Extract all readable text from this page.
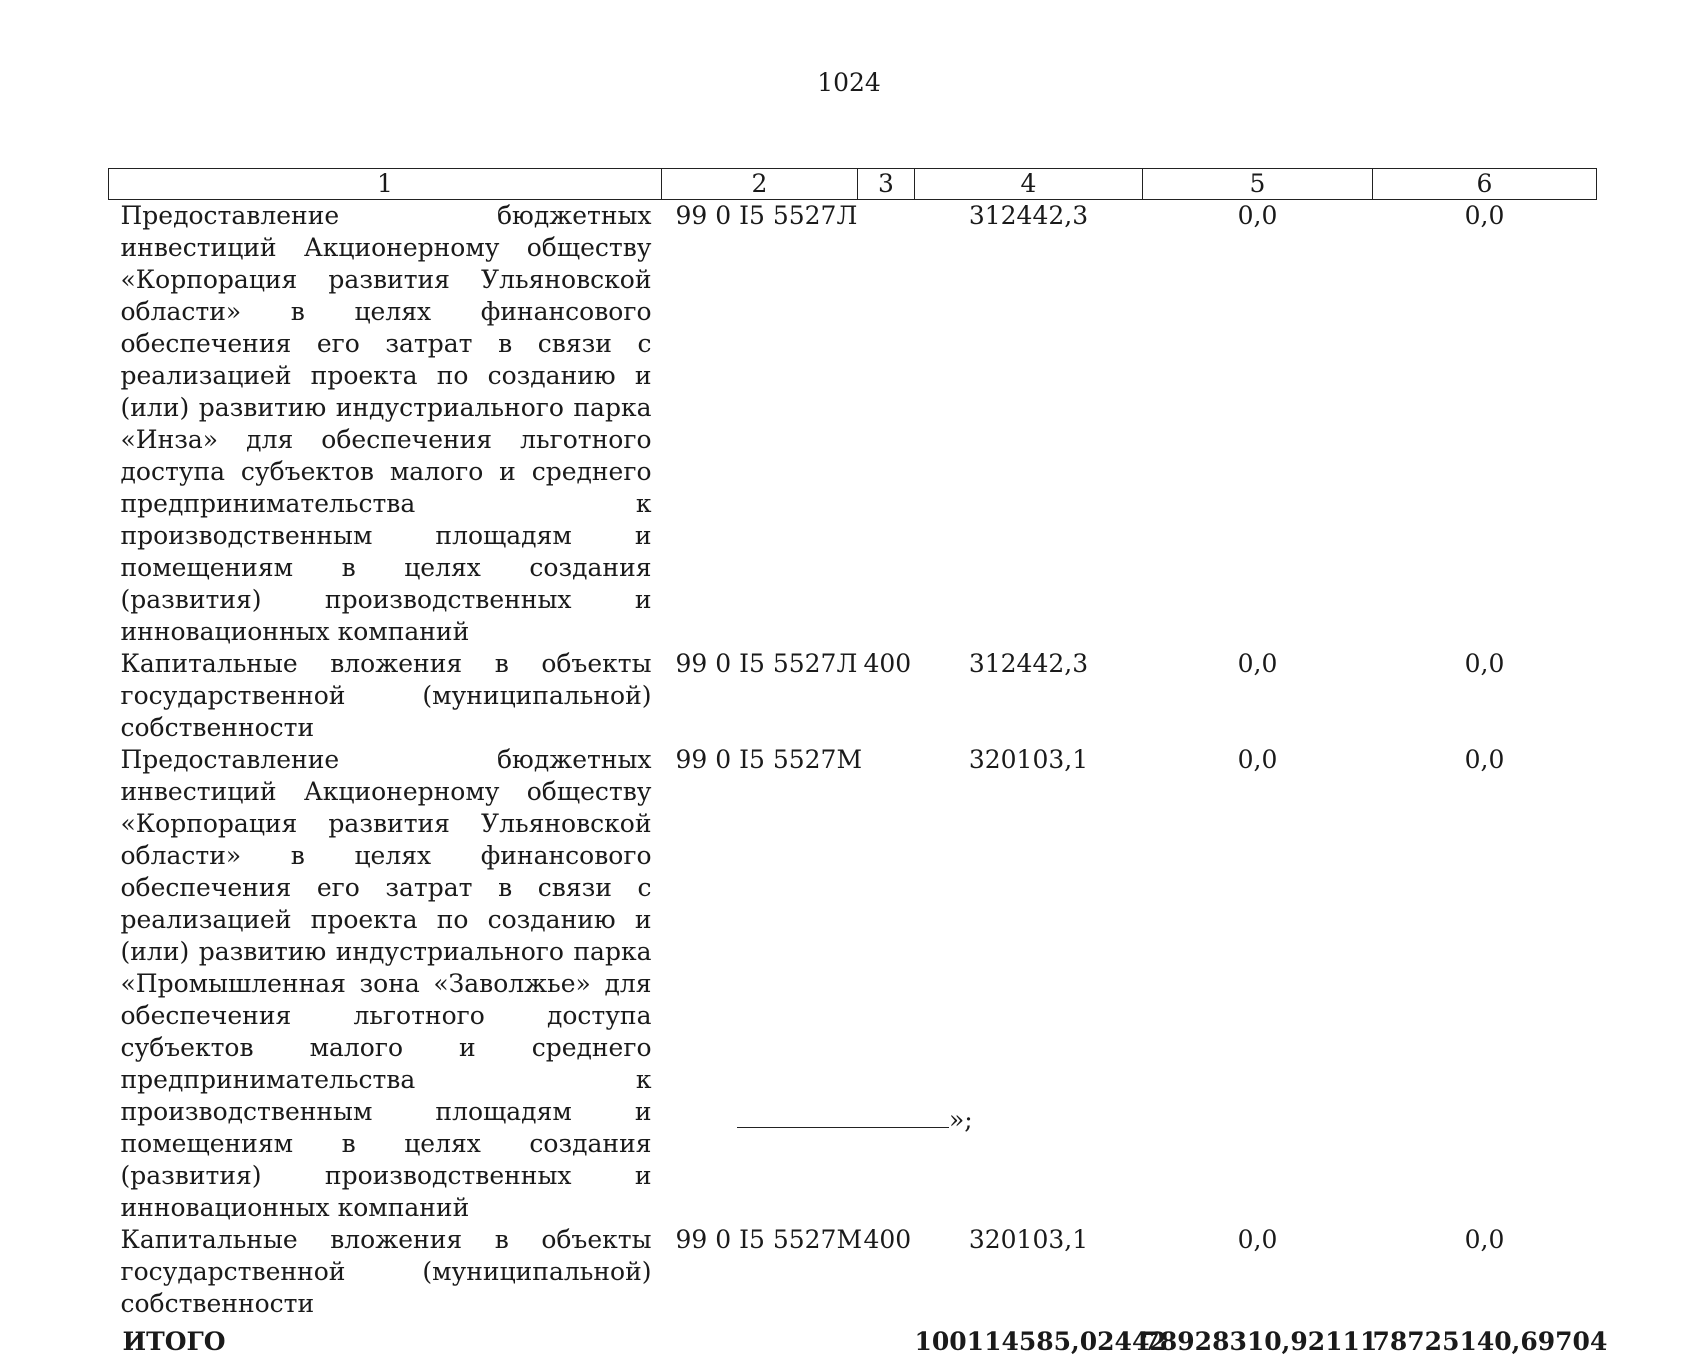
1024
1	2	3	4	5	6
Предоставление бюджетных инвестиций Акционерному обществу «Корпорация развития Ульяновской области» в целях финансового обеспечения его затрат в связи с реализацией проекта по созданию и (или) развитию индустриального парка «Инза» для обеспечения льготного доступа субъектов малого и среднего предпринимательства к производственным площадям и помещениям в целях создания (развития) производственных и инновационных компаний	99 0 I5 5527Л		312442,3	0,0	0,0
Капитальные вложения в объекты государственной (муниципальной) собственности	99 0 I5 5527Л	400	312442,3	0,0	0,0
Предоставление бюджетных инвестиций Акционерному обществу «Корпорация развития Ульяновской области» в целях финансового обеспечения его затрат в связи с реализацией проекта по созданию и (или) развитию индустриального парка «Промышленная зона «Заволжье» для обеспечения льготного доступа субъектов малого и среднего предпринимательства к производственным площадям и помещениям в целях создания (развития) производственных и инновационных компаний	99 0 I5 5527М		320103,1	0,0	0,0
Капитальные вложения в объекты государственной (муниципальной) собственности	99 0 I5 5527М	400	320103,1	0,0	0,0
ИТОГО			100114585,02442	78928310,92111	78725140,69704
»;
